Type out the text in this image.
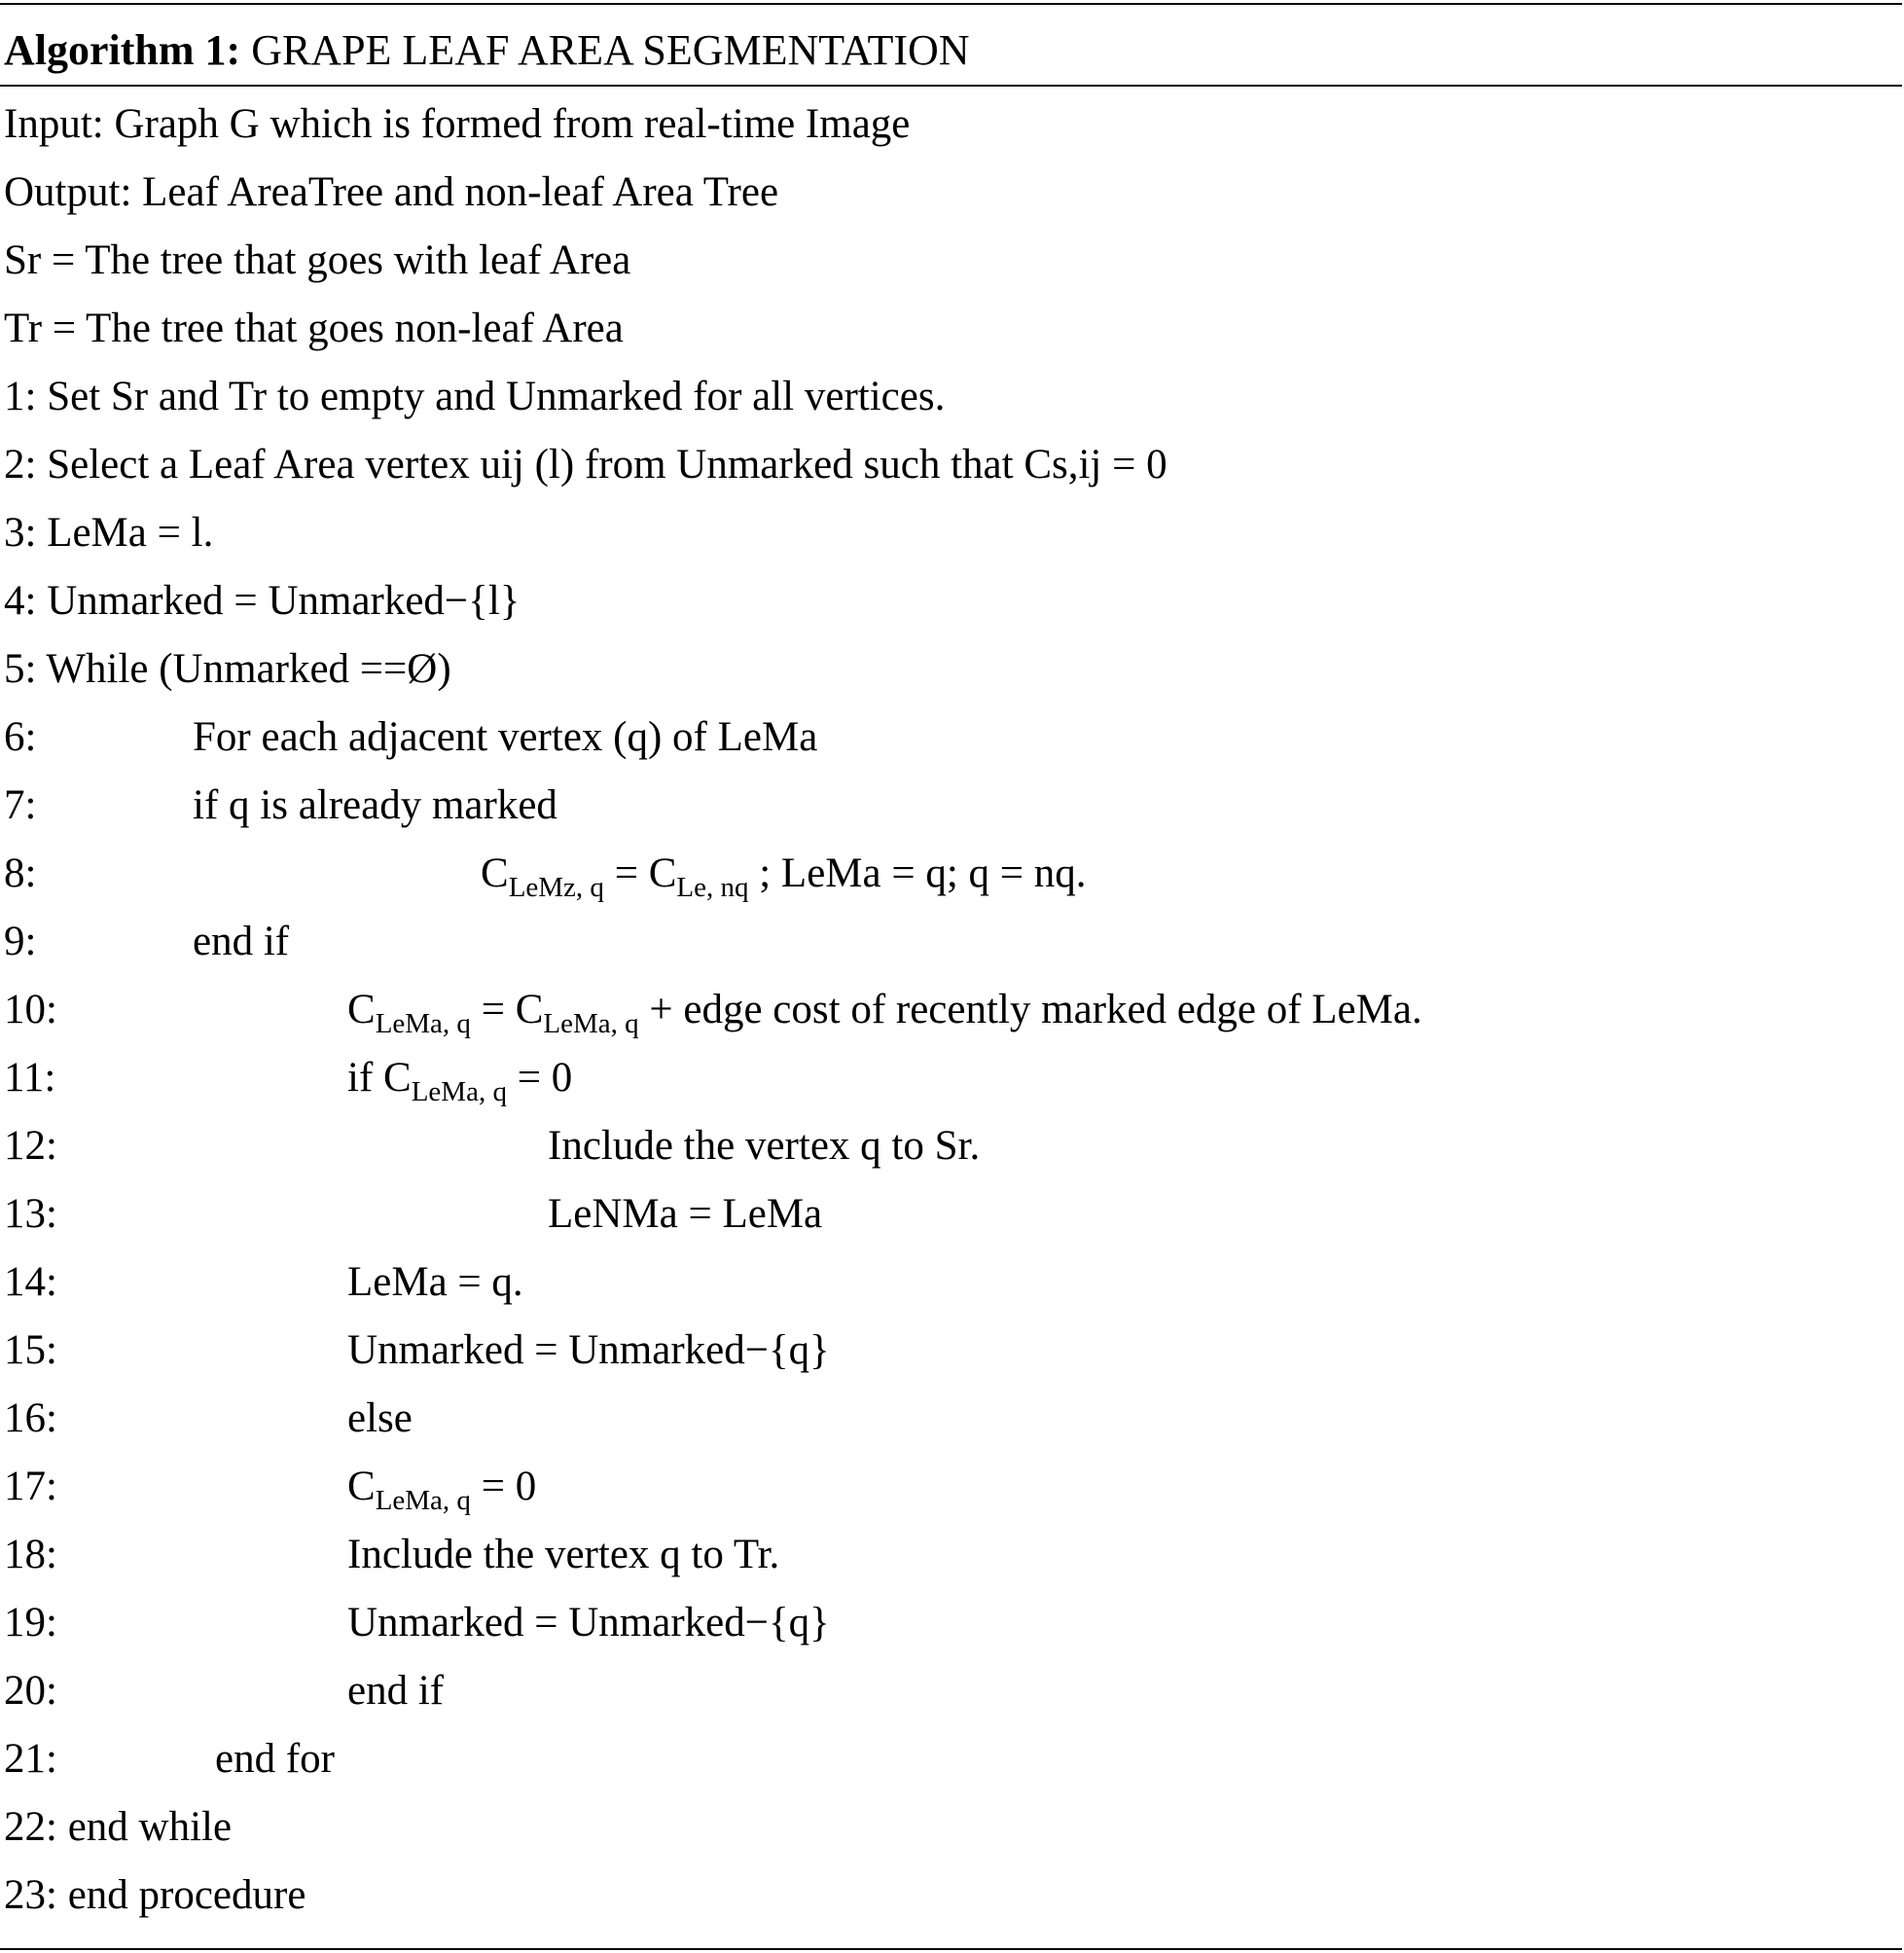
Algorithm 1: GRAPE LEAF AREA SEGMENTATION
Input: Graph G which is formed from real-time Image
Output: Leaf AreaTree and non-leaf Area Tree
Sr = The tree that goes with leaf Area
Tr = The tree that goes non-leaf Area
1: Set Sr and Tr to empty and Unmarked for all vertices.
2: Select a Leaf Area vertex uij (l) from Unmarked such that Cs,ij = 0
3: LeMa = l.
4: Unmarked = Unmarked−{l}
5: While (Unmarked ==Ø)
6:	For each adjacent vertex (q) of LeMa
7:	if q is already marked
8:	$C_{LeMz, q} = C_{Le, nq}$ ; LeMa = q; q = nq.
9:	end if
10:	$C_{LeMa, q} = C_{LeMa, q}$ + edge cost of recently marked edge of LeMa.
11:	if $C_{LeMa, q} = 0$
12:	Include the vertex q to Sr.
13:	LeNMa = LeMa
14:	LeMa = q.
15:	Unmarked = Unmarked−{q}
16:	else
17:	$C_{LeMa, q} = 0$
18:	Include the vertex q to Tr.
19:	Unmarked = Unmarked−{q}
20:	end if
21:	end for
22: end while
23: end procedure
